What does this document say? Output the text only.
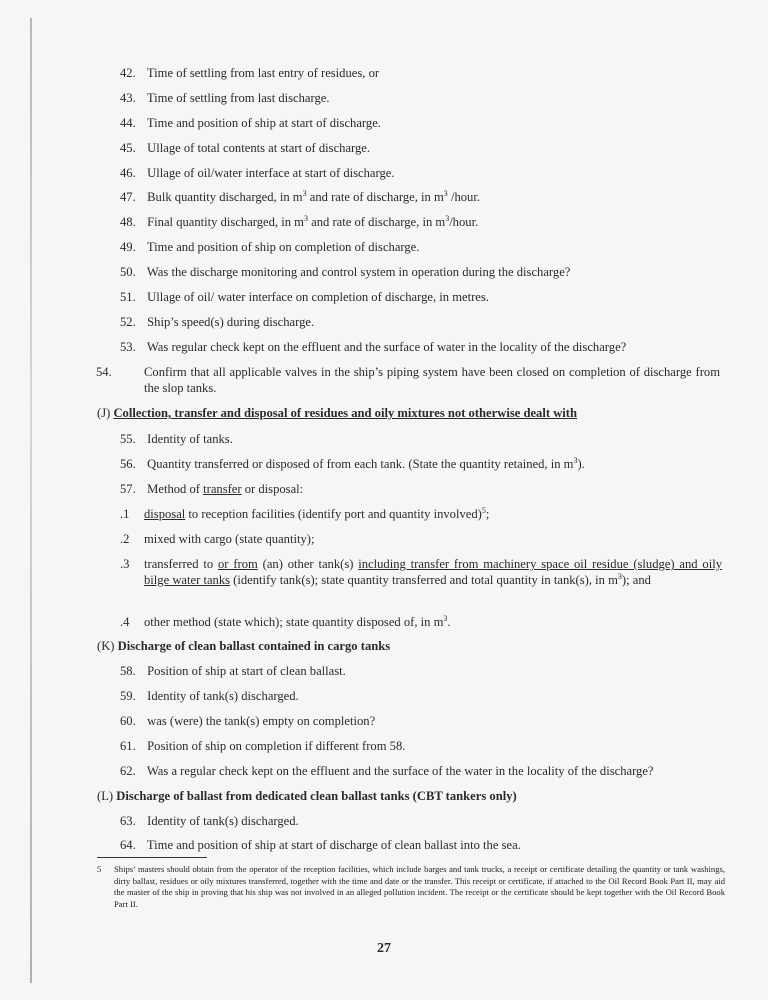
42. Time of settling from last entry of residues, or
43. Time of settling from last discharge.
44. Time and position of ship at start of discharge.
45. Ullage of total contents at start of discharge.
46. Ullage of oil/water interface at start of discharge.
47. Bulk quantity discharged, in $m^3$ and rate of discharge, in $m^3$ /hour.
48. Final quantity discharged, in $m^3$ and rate of discharge, in $m^3$/hour.
49. Time and position of ship on completion of discharge.
50. Was the discharge monitoring and control system in operation during the discharge?
51. Ullage of oil/ water interface on completion of discharge, in metres.
52. Ship’s speed(s) during discharge.
53. Was regular check kept on the effluent and the surface of water in the locality of the discharge?
54.	Confirm that all applicable valves in the ship’s piping system have been closed on completion of discharge from the slop tanks.
(J) Collection, transfer and disposal of residues and oily mixtures not otherwise dealt with
55. Identity of tanks.
56. Quantity transferred or disposed of from each tank. (State the quantity retained, in $m^3$).
57. Method of transfer or disposal:
.1	disposal to reception facilities (identify port and quantity involved)$^5$;
.2	mixed with cargo (state quantity);
.3	transferred to or from (an) other tank(s) including transfer from machinery space oil residue (sludge) and oily bilge water tanks (identify tank(s); state quantity transferred and total quantity in tank(s), in $m^3$); and
.4	other method (state which); state quantity disposed of, in $m^3$.
(K) Discharge of clean ballast contained in cargo tanks
58. Position of ship at start of clean ballast.
59. Identity of tank(s) discharged.
60. was (were) the tank(s) empty on completion?
61. Position of ship on completion if different from 58.
62. Was a regular check kept on the effluent and the surface of the water in the locality of the discharge?
(L) Discharge of ballast from dedicated clean ballast tanks (CBT tankers only)
63. Identity of tank(s) discharged.
64. Time and position of ship at start of discharge of clean ballast into the sea.
5 Ships’ masters should obtain from the operator of the reception facilities, which include barges and tank trucks, a receipt or certificate detailing the quantity or tank washings, dirty ballast, residues or oily mixtures transferred, together with the time and date or the transfer. This receipt or certificate, if attached to the Oil Record Book Part II, may aid the master of the ship in proving that his ship was not involved in an alleged pollution incident. The receipt or the certificate should be kept together with the Oil Record Book Part II.
27
